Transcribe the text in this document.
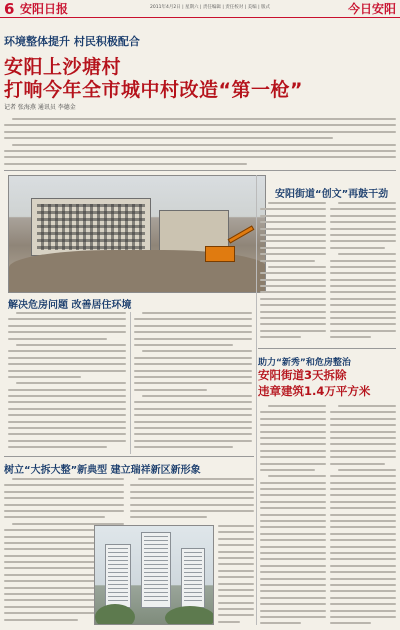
6 安阳日报	2011年4月2日 | 星期六 | 责任编辑 | 责任校对 | 美编 | 版式	今日安阳
环境整体提升 村民积极配合
安阳上沙塘村
打响今年全市城中村改造“第一枪”
记者 张海燕 通讯员 李德金
解决危房问题 改善居住环境
树立“大拆大整”新典型 建立瑞祥新区新形象
安阳街道“创文”再鼓干劲
助力“新秀”和危房整治
安阳街道3天拆除
违章建筑1.4万平方米
